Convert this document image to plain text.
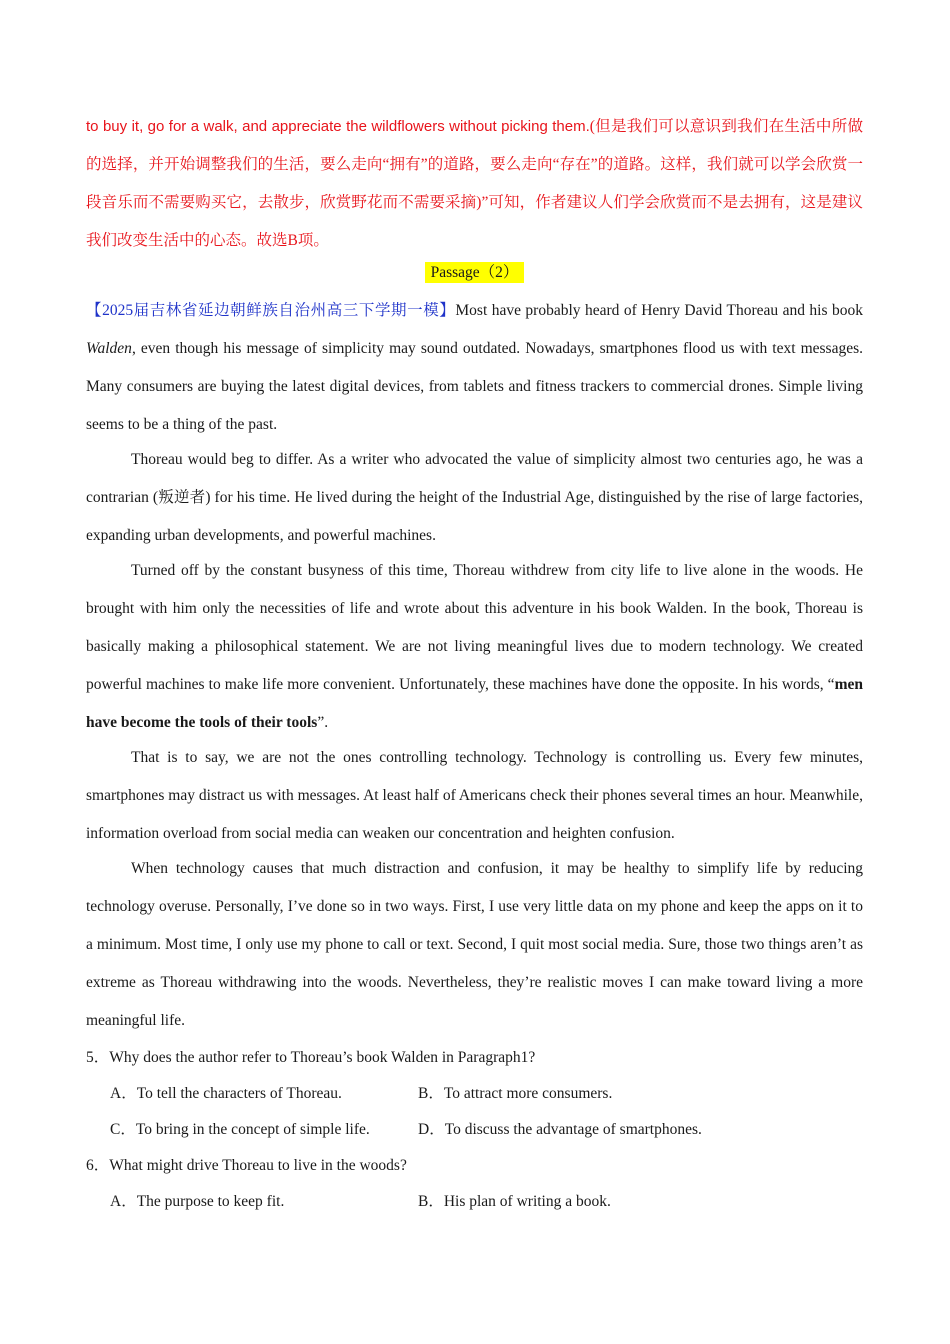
to buy it, go for a walk, and appreciate the wildflowers without picking them.(但是我们可以意识到我们在生活中所做的选择，并开始调整我们的生活，要么走向“拥有”的道路，要么走向“存在”的道路。这样，我们就可以学会欣赏一段音乐而不需要购买它，去散步，欣赏野花而不需要采摘)”可知，作者建议人们学会欣赏而不是去拥有，这是建议我们改变生活中的心态。故选B项。
Passage（2）

【2025届吉林省延边朝鲜族自治州高三下学期一模】Most have probably heard of Henry David Thoreau and his book Walden, even though his message of simplicity may sound outdated. Nowadays, smartphones flood us with text messages. Many consumers are buying the latest digital devices, from tablets and fitness trackers to commercial drones. Simple living seems to be a thing of the past.

Thoreau would beg to differ. As a writer who advocated the value of simplicity almost two centuries ago, he was a contrarian (叛逆者) for his time. He lived during the height of the Industrial Age, distinguished by the rise of large factories, expanding urban developments, and powerful machines.

Turned off by the constant busyness of this time, Thoreau withdrew from city life to live alone in the woods. He brought with him only the necessities of life and wrote about this adventure in his book Walden. In the book, Thoreau is basically making a philosophical statement. We are not living meaningful lives due to modern technology. We created powerful machines to make life more convenient. Unfortunately, these machines have done the opposite. In his words, “men have become the tools of their tools”.

That is to say, we are not the ones controlling technology. Technology is controlling us. Every few minutes, smartphones may distract us with messages. At least half of Americans check their phones several times an hour. Meanwhile, information overload from social media can weaken our concentration and heighten confusion.

When technology causes that much distraction and confusion, it may be healthy to simplify life by reducing technology overuse. Personally, I’ve done so in two ways. First, I use very little data on my phone and keep the apps on it to a minimum. Most time, I only use my phone to call or text. Second, I quit most social media. Sure, those two things aren’t as extreme as Thoreau withdrawing into the woods. Nevertheless, they’re realistic moves I can make toward living a more meaningful life.

5．Why does the author refer to Thoreau’s book Walden in Paragraph1?

A．To tell the characters of Thoreau.	B．To attract more consumers.
C．To bring in the concept of simple life.	D．To discuss the advantage of smartphones.

6．What might drive Thoreau to live in the woods?

A．The purpose to keep fit.	B．His plan of writing a book.
